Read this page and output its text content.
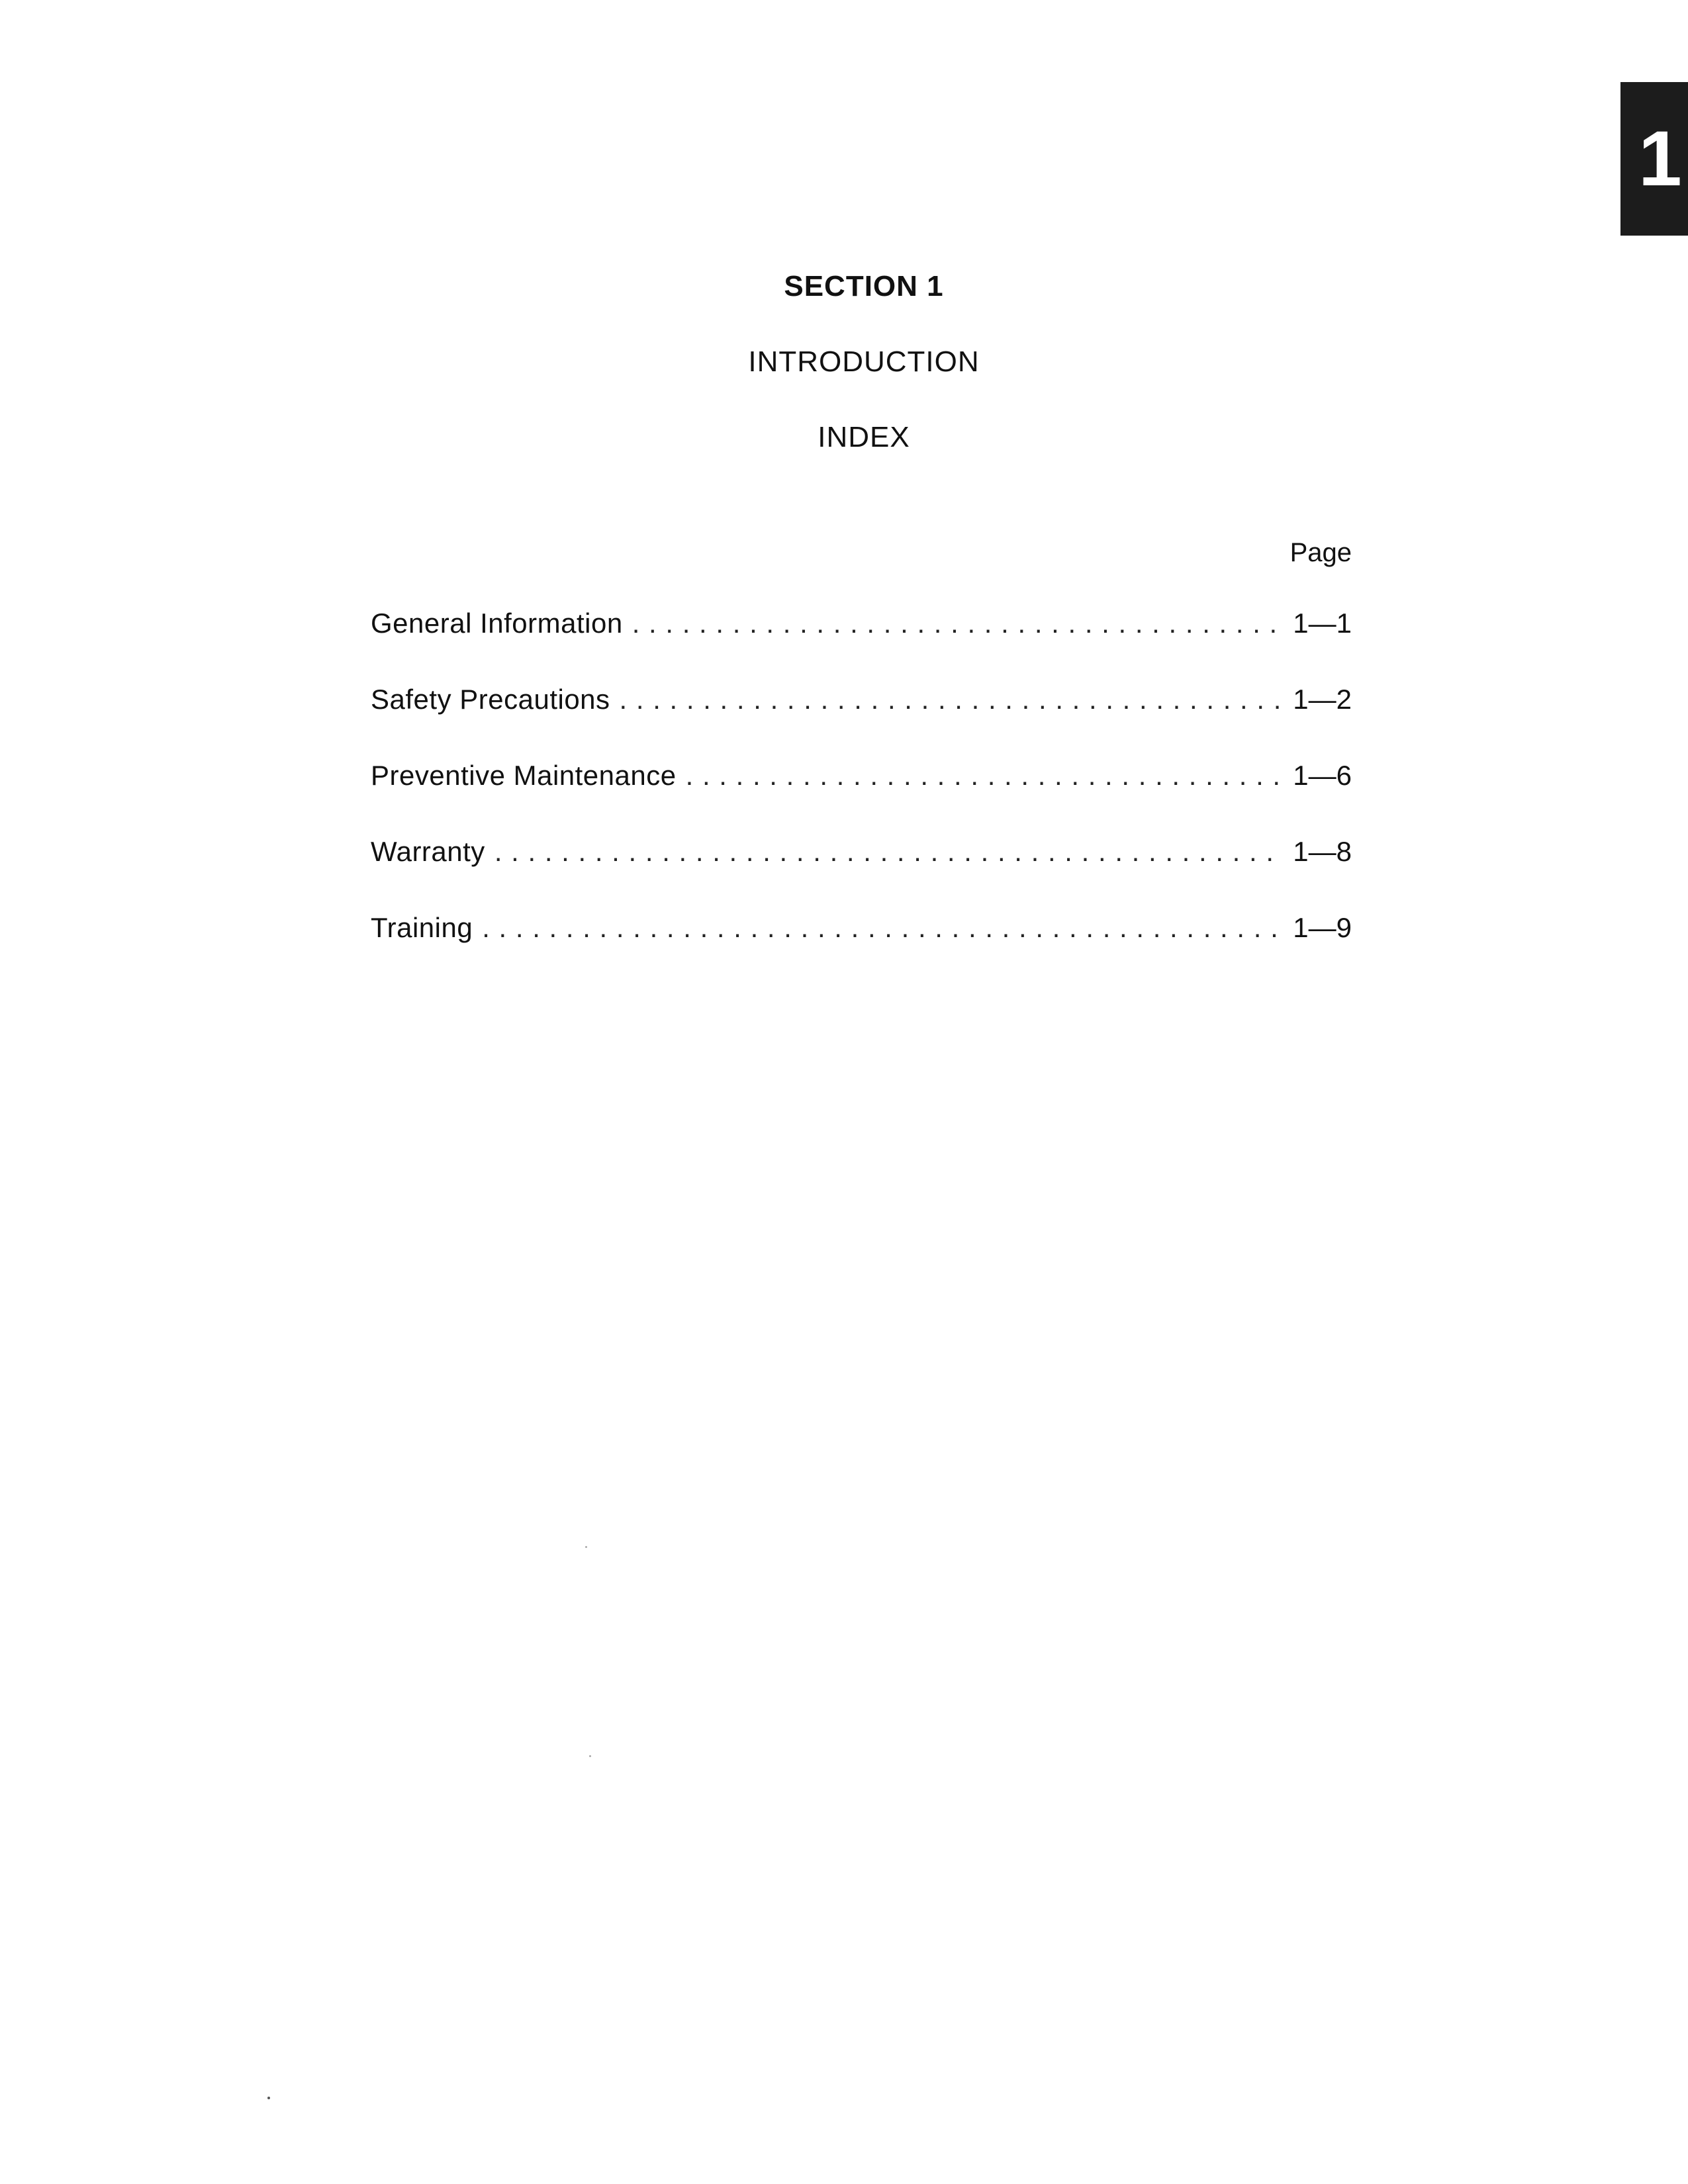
1
SECTION 1
INTRODUCTION
INDEX
Page
General Information . . .	1—1
Safety Precautions . . .	1—2
Preventive Maintenance . . .	1—6
Warranty . . .	1—8
Training . . .	1—9
